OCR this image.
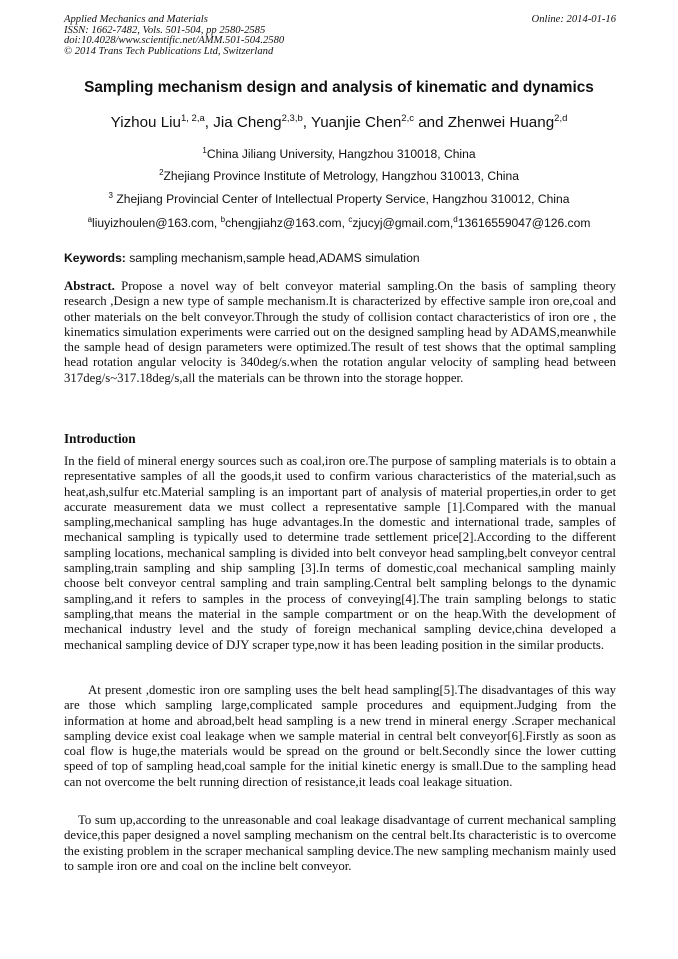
Applied Mechanics and Materials
ISSN: 1662-7482, Vols. 501-504, pp 2580-2585
doi:10.4028/www.scientific.net/AMM.501-504.2580
© 2014 Trans Tech Publications Ltd, Switzerland
Online: 2014-01-16
Sampling mechanism design and analysis of kinematic and dynamics
Yizhou Liu$^{1, 2,a}$, Jia Cheng$^{2,3,b}$, Yuanjie Chen$^{2,c}$ and Zhenwei Huang$^{2,d}$
$^1$China Jiliang University, Hangzhou 310018, China
$^2$Zhejiang Province Institute of Metrology, Hangzhou 310013, China
$^3$ Zhejiang Provincial Center of Intellectual Property Service, Hangzhou 310012, China
$^a$liuyizhoulen@163.com, $^b$chengjiahz@163.com, $^c$zjucyj@gmail.com,$^d$13616559047@126.com
Keywords: sampling mechanism,sample head,ADAMS simulation
Abstract. Propose a novel way of belt conveyor material sampling.On the basis of sampling theory research ,Design a new type of sample mechanism.It is characterized by effective sample iron ore,coal and other materials on the belt conveyor.Through the study of collision contact characteristics of iron ore , the kinematics simulation experiments were carried out on the designed sampling head by ADAMS,meanwhile the sample head of design parameters were optimized.The result of test shows that the optimal sampling head rotation angular velocity is 340deg/s.when the rotation angular velocity of sampling head between 317deg/s~317.18deg/s,all the materials can be thrown into the storage hopper.
Introduction
In the field of mineral energy sources such as coal,iron ore.The purpose of sampling materials is to obtain a representative samples of all the goods,it used to confirm various characteristics of the material,such as heat,ash,sulfur etc.Material sampling is an important part of analysis of material properties,in order to get accurate measurement data we must collect a representative sample [1].Compared with the manual sampling,mechanical sampling has huge advantages.In the domestic and international trade, samples of mechanical sampling is typically used to determine trade settlement price[2].According to the different sampling locations, mechanical sampling is divided into belt conveyor head sampling,belt conveyor central sampling,train sampling and ship sampling [3].In terms of domestic,coal mechanical sampling mainly choose belt conveyor central sampling and train sampling.Central belt sampling belongs to the dynamic sampling,and it refers to samples in the process of conveying[4].The train sampling belongs to static sampling,that means the material in the sample compartment or on the heap.With the development of mechanical industry level and the study of foreign mechanical sampling device,china developed a mechanical sampling device of DJY scraper type,now it has been leading position in the similar products.
At present ,domestic iron ore sampling uses the belt head sampling[5].The disadvantages of this way are those which sampling large,complicated sample procedures and equipment.Judging from the information at home and abroad,belt head sampling is a new trend in mineral energy .Scraper mechanical sampling device exist coal leakage when we sample material in central belt conveyor[6].Firstly as soon as coal flow is huge,the materials would be spread on the ground or belt.Secondly since the lower cutting speed of top of sampling head,coal sample for the initial kinetic energy is small.Due to the sampling head can not overcome the belt running direction of resistance,it leads coal leakage situation.
To sum up,according to the unreasonable and coal leakage disadvantage of current mechanical sampling device,this paper designed a novel sampling mechanism on the central belt.Its characteristic is to overcome the existing problem in the scraper mechanical sampling device.The new sampling mechanism mainly used to sample iron ore and coal on the incline belt conveyor.
